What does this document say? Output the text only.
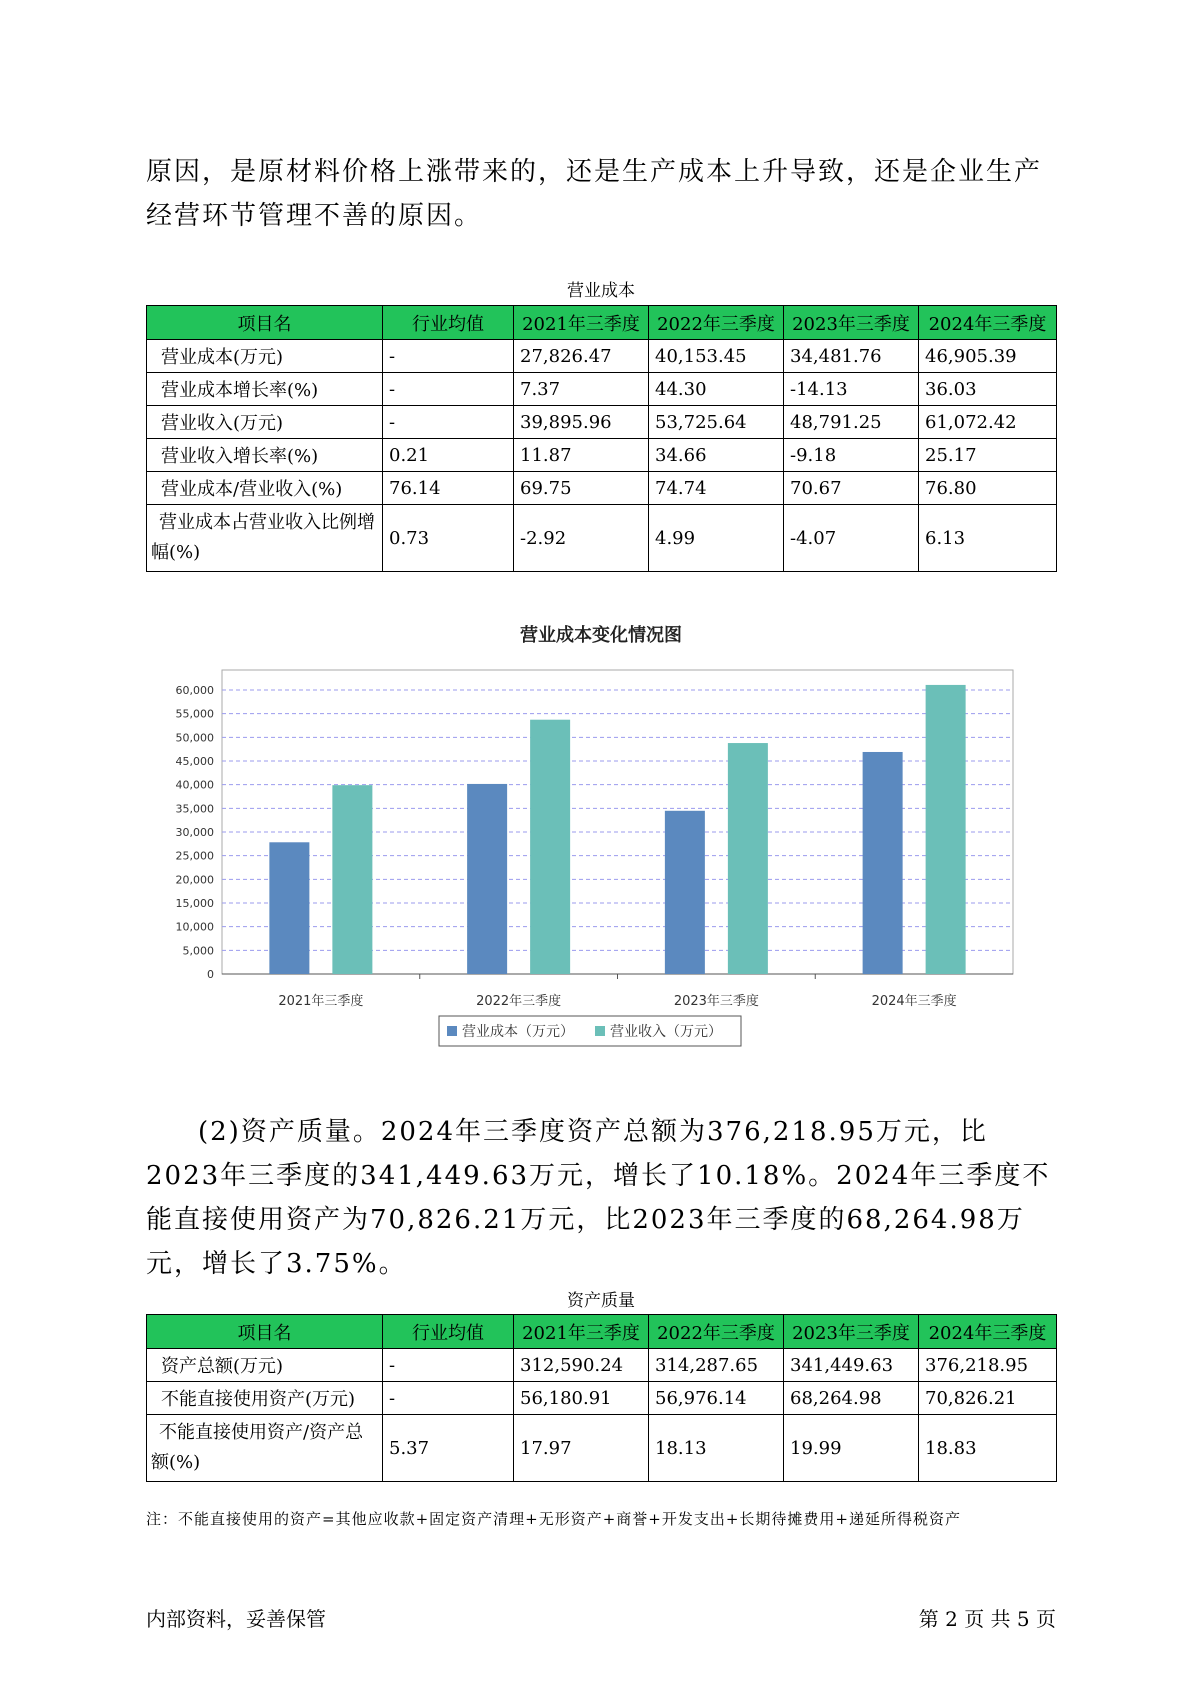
原因，是原材料价格上涨带来的，还是生产成本上升导致，还是企业生产经营环节管理不善的原因。
营业成本
项目名	行业均值	2021年三季度	2022年三季度	2023年三季度	2024年三季度
营业成本(万元)	-	27,826.47	40,153.45	34,481.76	46,905.39
营业成本增长率(%)	-	7.37	44.30	-14.13	36.03
营业收入(万元)	-	39,895.96	53,725.64	48,791.25	61,072.42
营业收入增长率(%)	0.21	11.87	34.66	-9.18	25.17
营业成本/营业收入(%)	76.14	69.75	74.74	70.67	76.80
营业成本占营业收入比例增幅(%)	0.73	-2.92	4.99	-4.07	6.13
营业成本变化情况图
0
5,000
10,000
15,000
20,000
25,000
30,000
35,000
40,000
45,000
50,000
55,000
60,000
2021年三季度	2022年三季度	2023年三季度	2024年三季度
营业成本（万元）	营业收入（万元）
(2)资产质量。2024年三季度资产总额为376,218.95万元，比2023年三季度的341,449.63万元，增长了10.18%。2024年三季度不能直接使用资产为70,826.21万元，比2023年三季度的68,264.98万元，增长了3.75%。
资产质量
项目名	行业均值	2021年三季度	2022年三季度	2023年三季度	2024年三季度
资产总额(万元)	-	312,590.24	314,287.65	341,449.63	376,218.95
不能直接使用资产(万元)	-	56,180.91	56,976.14	68,264.98	70,826.21
不能直接使用资产/资产总额(%)	5.37	17.97	18.13	19.99	18.83
注：不能直接使用的资产=其他应收款+固定资产清理+无形资产+商誉+开发支出+长期待摊费用+递延所得税资产
内部资料，妥善保管	第 2 页 共 5 页
